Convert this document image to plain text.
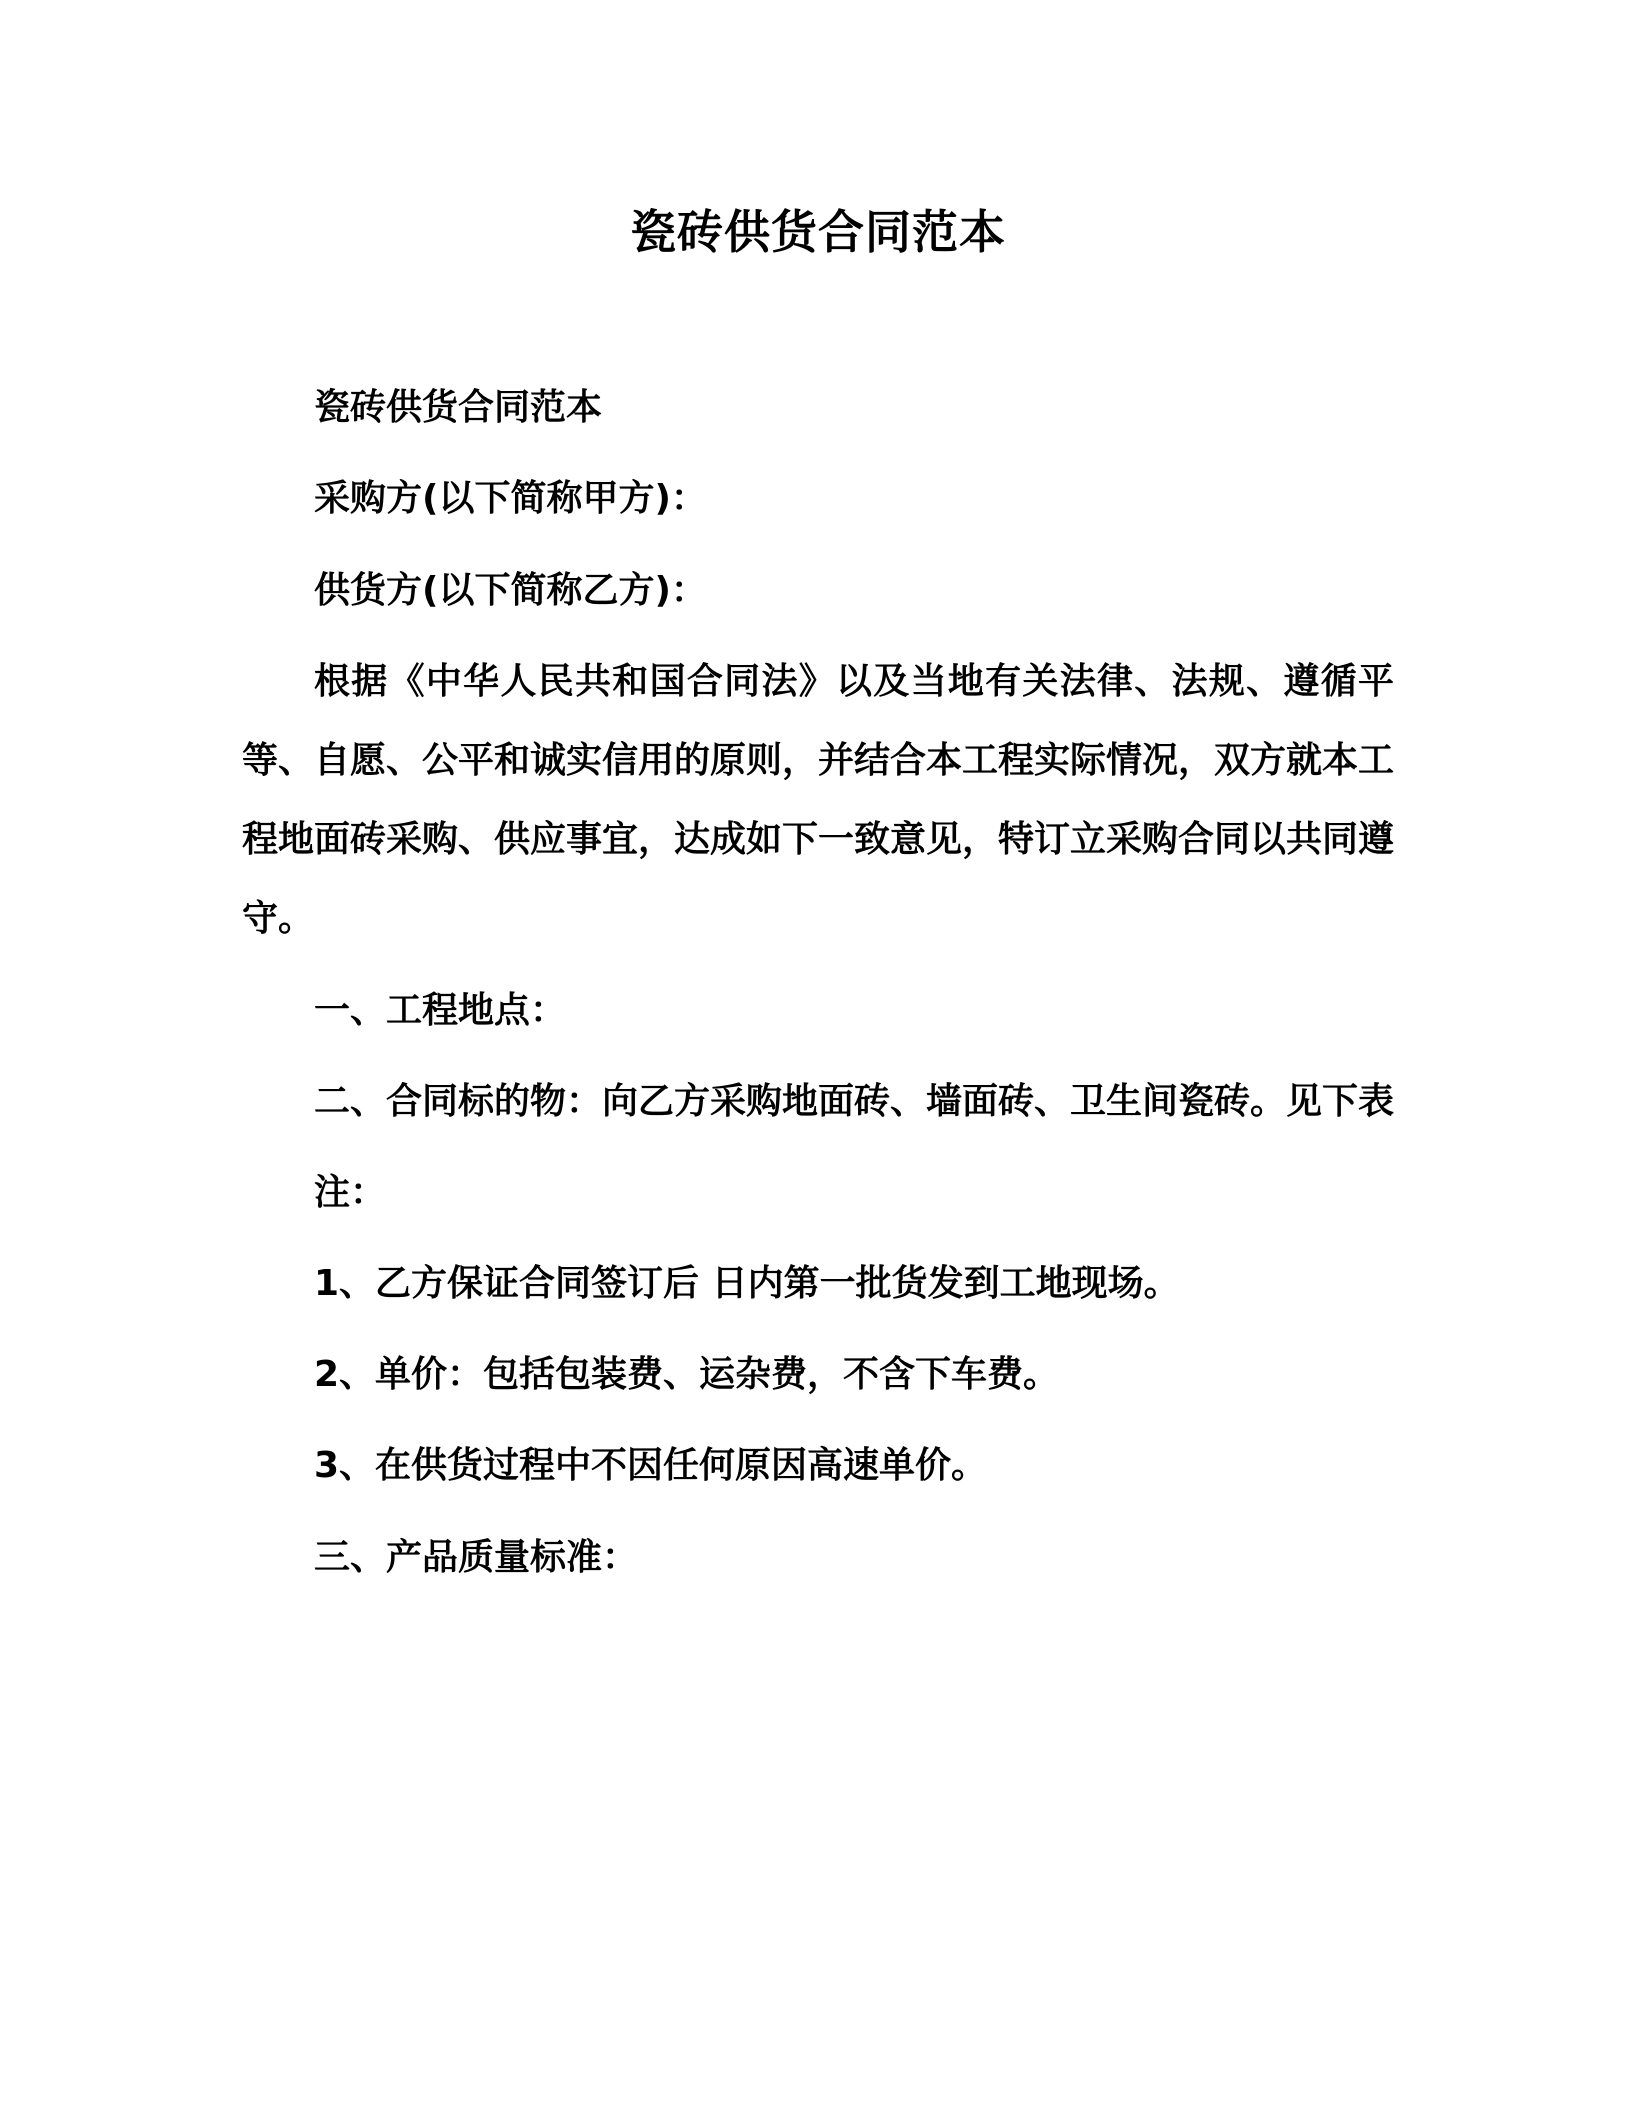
瓷砖供货合同范本

瓷砖供货合同范本

采购方(以下简称甲方)：

供货方(以下简称乙方)：

根据《中华人民共和国合同法》以及当地有关法律、法规、遵循平等、自愿、公平和诚实信用的原则，并结合本工程实际情况，双方就本工程地面砖采购、供应事宜，达成如下一致意见，特订立采购合同以共同遵守。

一、工程地点：

二、合同标的物：向乙方采购地面砖、墙面砖、卫生间瓷砖。见下表

注：

1、乙方保证合同签订后 日内第一批货发到工地现场。

2、单价：包括包装费、运杂费，不含下车费。

3、在供货过程中不因任何原因高速单价。

三、产品质量标准：
